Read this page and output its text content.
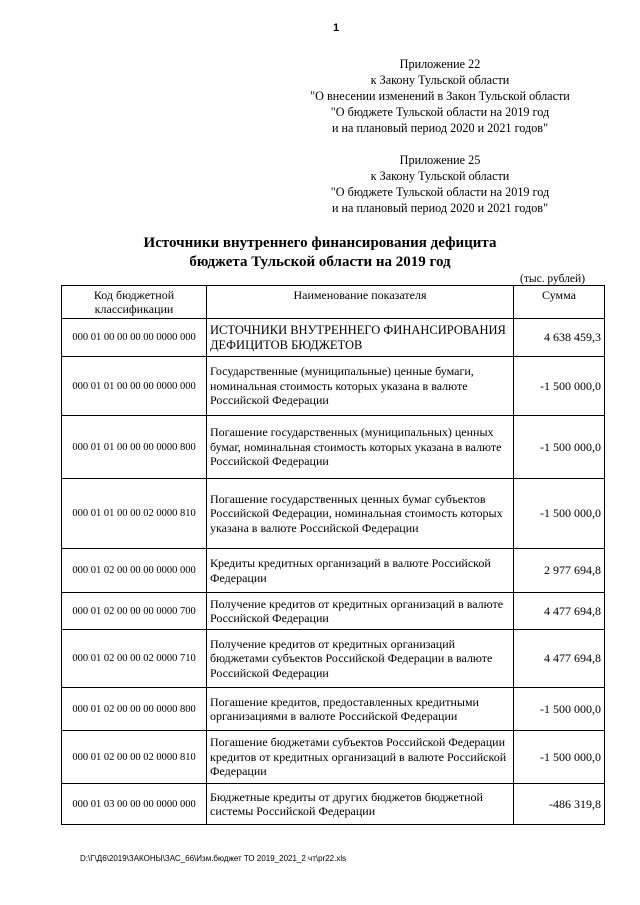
1
Приложение 22
к Закону Тульской области
"О внесении изменений в Закон Тульской области
"О бюджете Тульской области на 2019 год
и на плановый период 2020 и 2021 годов"
Приложение 25
к Закону Тульской области
"О бюджете Тульской области на 2019 год
и на плановый период 2020 и 2021 годов"
Источники внутреннего финансирования дефицита
бюджета Тульской области на 2019 год
(тыс. рублей)
Код бюджетной
классификации	Наименование показателя	Сумма
000 01 00 00 00 00 0000 000	ИСТОЧНИКИ ВНУТРЕННЕГО ФИНАНСИРОВАНИЯ ДЕФИЦИТОВ БЮДЖЕТОВ	4 638 459,3
000 01 01 00 00 00 0000 000	Государственные (муниципальные) ценные бумаги, номинальная стоимость которых указана в валюте Российской Федерации	-1 500 000,0
000 01 01 00 00 00 0000 800	Погашение государственных (муниципальных) ценных бумаг, номинальная стоимость которых указана в валюте Российской Федерации	-1 500 000,0
000 01 01 00 00 02 0000 810	Погашение государственных ценных бумаг субъектов Российской Федерации, номинальная стоимость которых указана в валюте Российской Федерации	-1 500 000,0
000 01 02 00 00 00 0000 000	Кредиты кредитных организаций в валюте Российской Федерации	2 977 694,8
000 01 02 00 00 00 0000 700	Получение кредитов от кредитных организаций в валюте Российской Федерации	4 477 694,8
000 01 02 00 00 02 0000 710	Получение кредитов от кредитных организаций бюджетами субъектов Российской Федерации в валюте Российской Федерации	4 477 694,8
000 01 02 00 00 00 0000 800	Погашение кредитов, предоставленных кредитными организациями в валюте Российской Федерации	-1 500 000,0
000 01 02 00 00 02 0000 810	Погашение бюджетами субъектов Российской Федерации кредитов от кредитных организаций в валюте Российской Федерации	-1 500 000,0
000 01 03 00 00 00 0000 000	Бюджетные кредиты от других бюджетов бюджетной системы Российской Федерации	-486 319,8
D:\Г\Д6\2019\ЗАКОНЫ\ЗАС_66\Изм.бюджет ТО 2019_2021_2 чт\pr22.xls
